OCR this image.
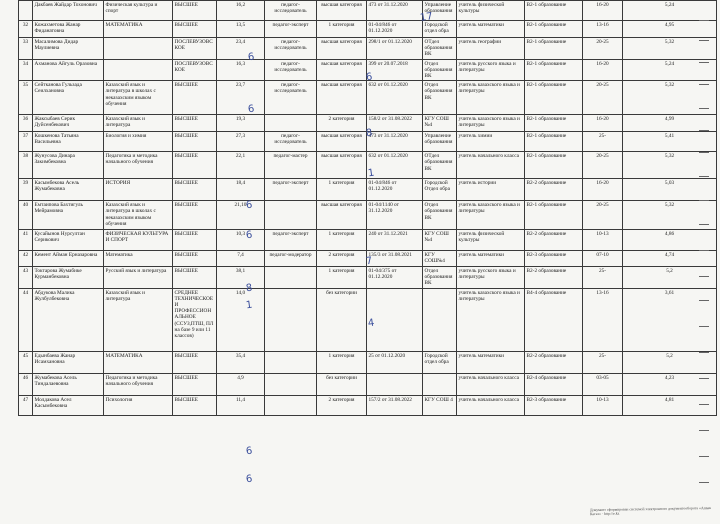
	Дакбаев Жайдар Тохонович	Физическая культура и спорт	ВЫСШЕЕ	16,2	педагог-исследователь	высшая категория	473 от 31.12.2020	Управление образования	учитель физической культуры	В2-1 образование	16-20	5,24
32	Кожахметова Жанар Фиданатовна	МАТЕМАТИКА	ВЫСШЕЕ	13,5	педагог-эксперт	1 категория	01-04/846 от 01.12.2020	Городской отдел обра	учитель математики	В2-1 образование	13-16	4,95
33	Масалимова Дидар Маулиевна		ПОСЛЕВУЗОВСКОЕ	23,4	педагог-исследователь	высшая категория	298/1 от 01.12.2020	ОТдел образования ВК	учитель географии	В2-1 образование	20-25	5,32
34	Ахманова Айгуль Оразовна		ПОСЛЕВУЗОВСКОЕ	16,3	педагог-исследователь	высшая категория	399 от 20.07.2018	Отдел образования ВК	учитель русского языка и литературы	В2-1 образование	16-20	5,24
35	Сейтканова Гульзада Сеилхановна	Казахский язык и литература в школах с неказахским языком обучения	ВЫСШЕЕ	23,7	педагог-исследователь	высшая категория	632 от 01.12.2020	Отдел образования ВК	учитель казахского языка и литературы	В2-1 образование	20-25	5,32
36	Жаксыбаев Серик Дуйсенбекович	Казахский язык и литература	ВЫСШЕЕ	19,3		2 категория	158/2 от 31.08.2022	КГУ СОШ №4	учитель казахского языка и литературы	В2-1 образование	16-20	4,99
37	Кошкенова Татьяна Васильевна	Биология и химия	ВЫСШЕЕ	27,3	педагог-исследователь	высшая категория	473 от 31.12.2020	Управление образования	учитель химии	В2-1 образование	25-	5,41
38	Жунусова Динара Закимбековна	Педагогика и методика начального обучения	ВЫСШЕЕ	22,1	педагог-мастер	высшая категория	632 от 01.12.2020	ОТдел образования ВК	учитель начального класса	В2-1 образование	20-25	5,32
39	Касымбекова Асель Жумабековна	ИСТОРИЯ	ВЫСШЕЕ	18,4	педагог-эксперт	1 категория	01-04/846 от 01.12.2020	Городской Отдел обра	учитель истории	В2-2 образование	16-20	5,03
40	Емтаипова Бахтигуль Мейрамовна	Казахский язык и литература в школах с неказахским языком обучения	ВЫСШЕЕ	21,10		высшая категория	01-04/1140 от 31.12.2020	Отдел образования ВК	учитель казахского языка и литературы	В2-1 образование	20-25	5,32
41	Кусайынов Нурсултан Серикович	ФИЗИЧЕСКАЯ КУЛЬТУРА И СПОРТ	ВЫСШЕЕ	10,3	педагог-эксперт	1 категория	240 от 31.12.2021	КГУ СОШ №4	учитель физической культуры	В2-2 образование	10-13	4,86
42	Кемент Айман Ерназаровна	Математика	ВЫСШЕЕ	7,4	педагог-модератор	2 категория	135/3 от 31.08.2021	КГУ СОШ№4	учитель математики	В2-3 образование	07-10	4,74
43	Токтарова Жумабике Курманбековна	Русский язык и литература	ВЫСШЕЕ	38,1		1 категория	01-04/375 от 01.12.2020	Отдел образования ВК	учитель русского языка и литературы	В2-2 образование	25-	5,2
44	Абдукова Малика Жулбулбековна	Казахский язык и литература	СРЕДНЕЕ ТЕХНИЧЕСКОЕ И ПРОФЕССИОНАЛЬНОЕ (ССУЗ,ПТШ, ПЛ на базе 9 или 11 классов)	14,0		без категории			учитель казахского языка и литературы	В4-4 образование	13-16	3,61
45	Едынбаева Жанар Исамхановна	МАТЕМАТИКА	ВЫСШЕЕ	35,4		1 категория	25 от 01.12.2020	Городской отдел обра	учитель математики	В2-2 образование	25-	5,2
46	Жумабекова Асель Тиндалаевовна	Педагогика и методика начального обучения	ВЫСШЕЕ	4,9		без категории			учитель начального класса	В2-4 образование	03-05	4,23
47	Молдакова Асел Касымбековна	Психология	ВЫСШЕЕ	11,4		2 категория	157/2 от 31.08.2022	КГУ СОШ 4	учитель начального класса	В2-3 образование	10-13	4,81
17
6
6
6
8
1
6
6
7
8
1
4
6
6
Документ сформирован системой электронного документооборота «Ашык Кагаз» · http://e.kz
